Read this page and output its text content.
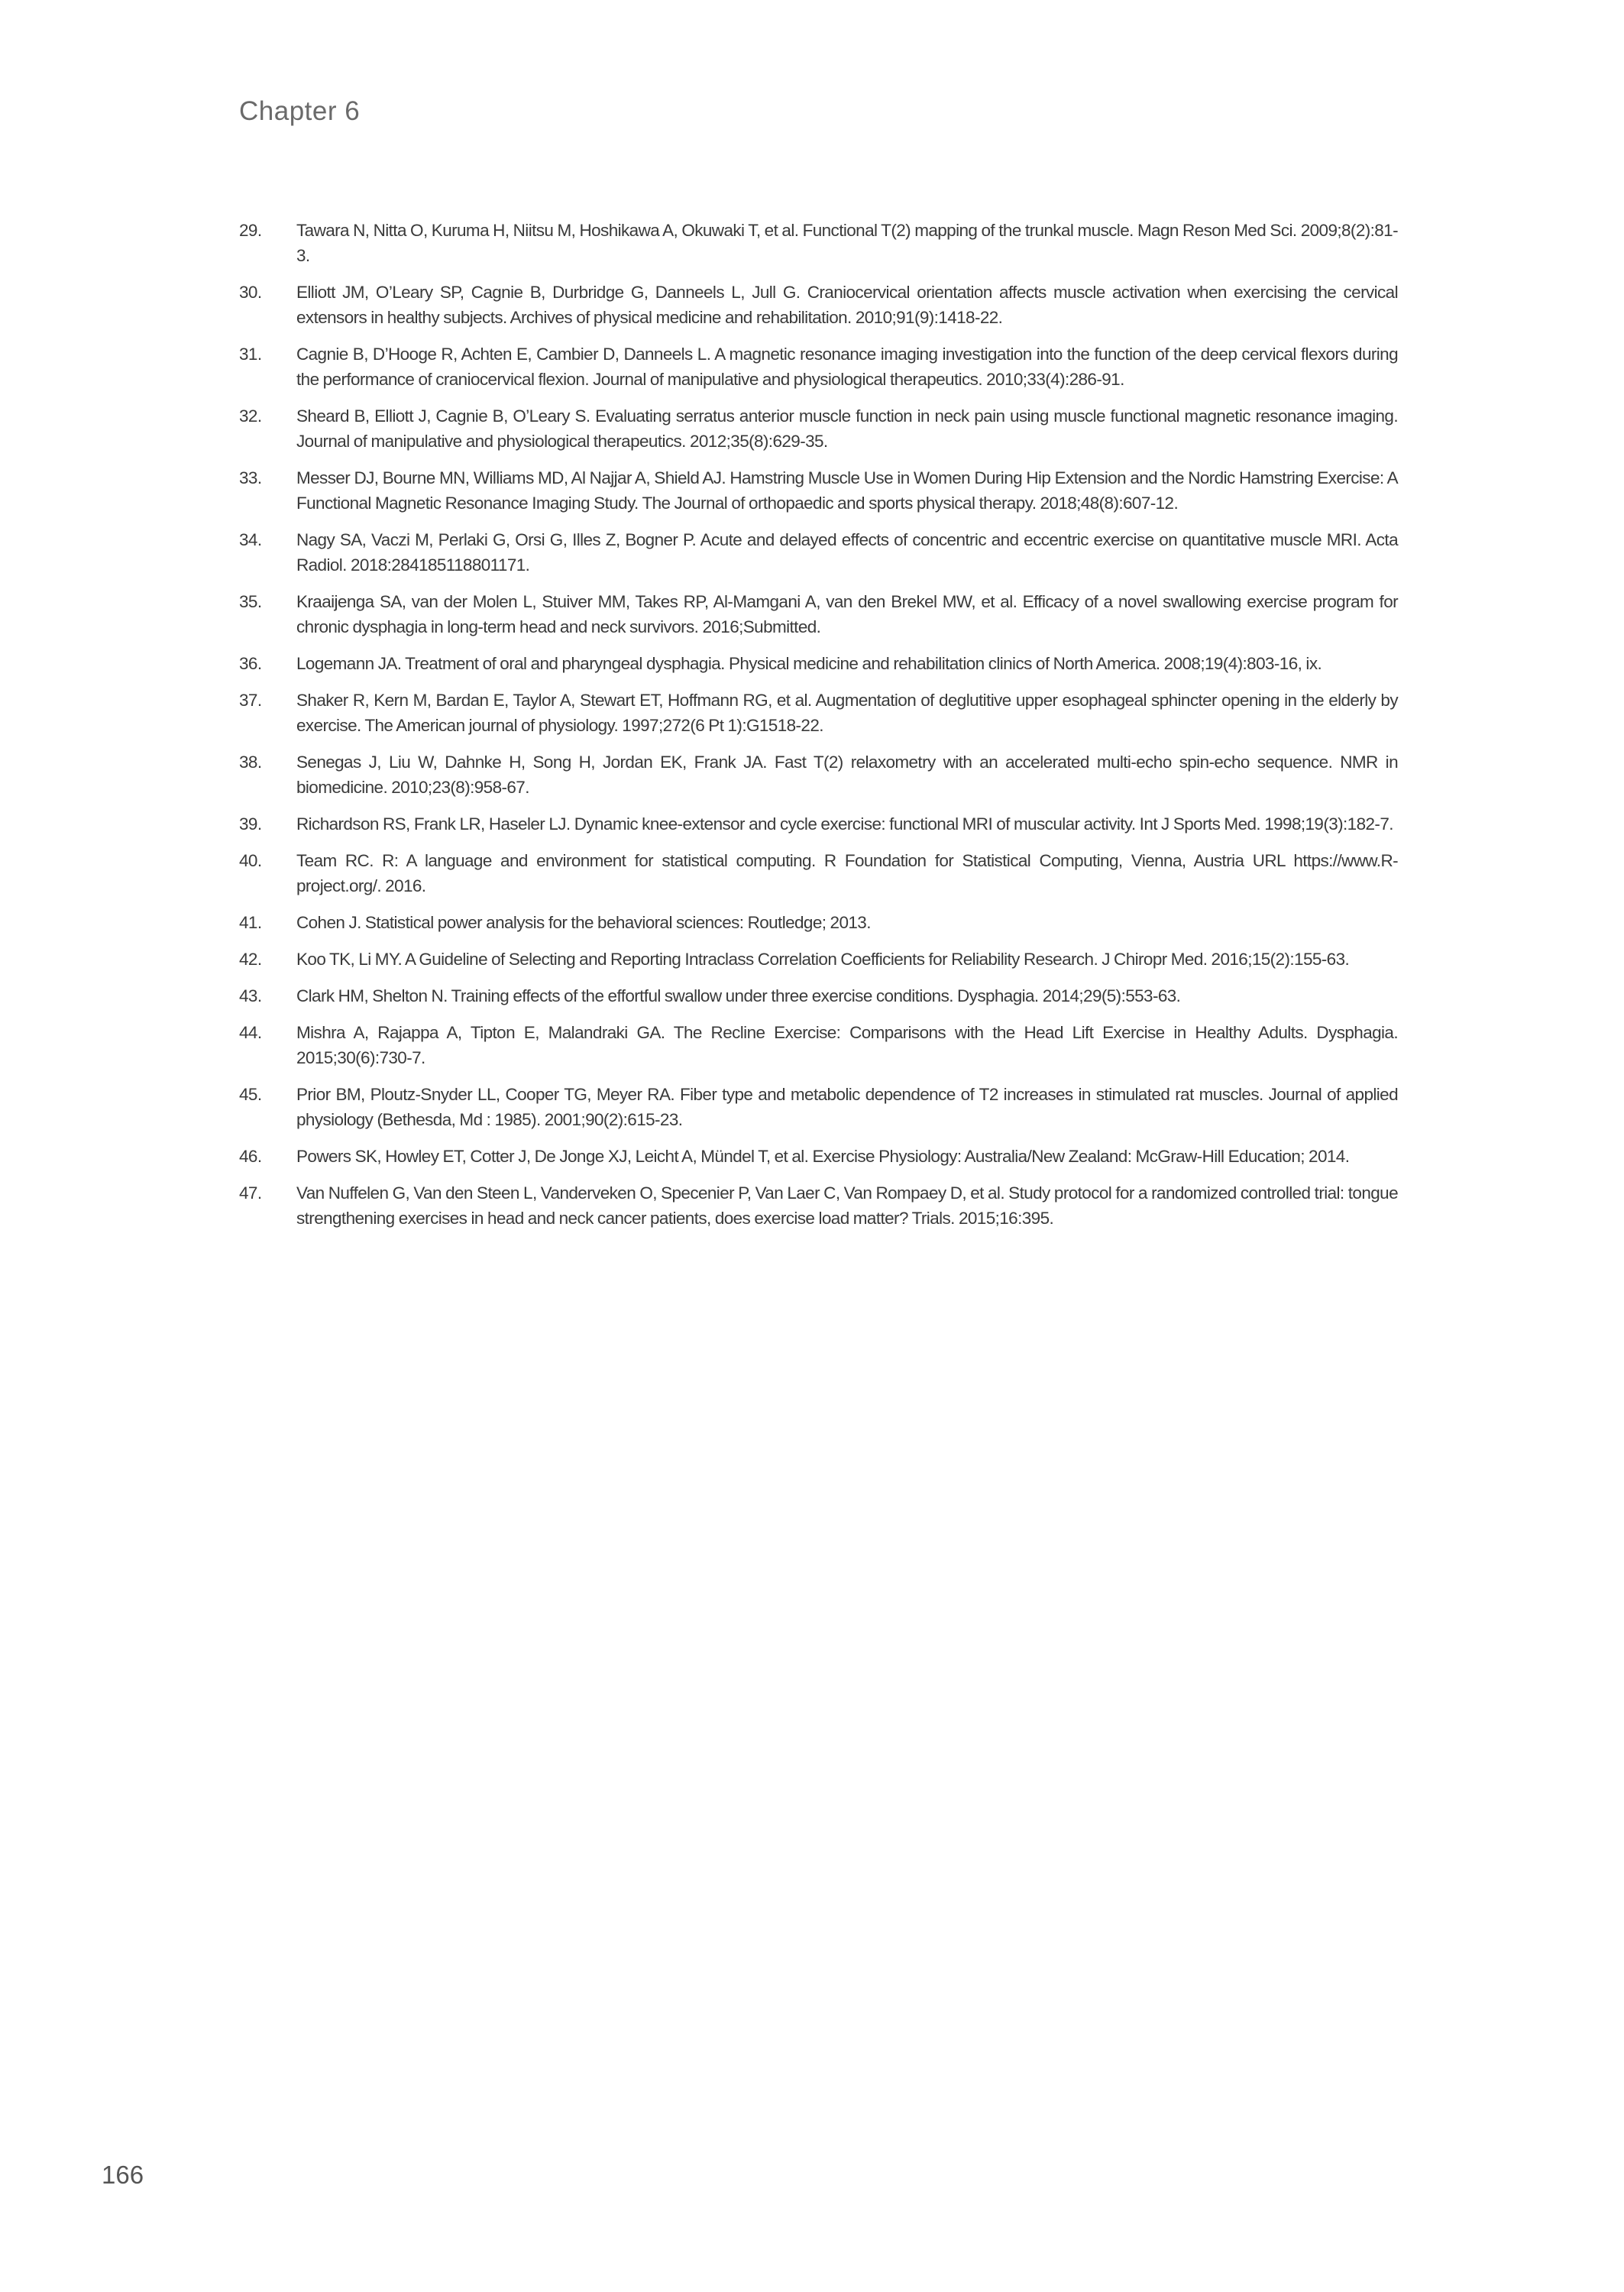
Chapter 6
29.	Tawara N, Nitta O, Kuruma H, Niitsu M, Hoshikawa A, Okuwaki T, et al. Functional T(2) mapping of the trunkal muscle. Magn Reson Med Sci. 2009;8(2):81-3.
30.	Elliott JM, O’Leary SP, Cagnie B, Durbridge G, Danneels L, Jull G. Craniocervical orientation affects muscle activation when exercising the cervical extensors in healthy subjects. Archives of physical medicine and rehabilitation. 2010;91(9):1418-22.
31.	Cagnie B, D’Hooge R, Achten E, Cambier D, Danneels L. A magnetic resonance imaging investigation into the function of the deep cervical flexors during the performance of craniocervical flexion. Journal of manipulative and physiological therapeutics. 2010;33(4):286-91.
32.	Sheard B, Elliott J, Cagnie B, O’Leary S. Evaluating serratus anterior muscle function in neck pain using muscle functional magnetic resonance imaging. Journal of manipulative and physiological therapeutics. 2012;35(8):629-35.
33.	Messer DJ, Bourne MN, Williams MD, Al Najjar A, Shield AJ. Hamstring Muscle Use in Women During Hip Extension and the Nordic Hamstring Exercise: A Functional Magnetic Resonance Imaging Study. The Journal of orthopaedic and sports physical therapy. 2018;48(8):607-12.
34.	Nagy SA, Vaczi M, Perlaki G, Orsi G, Illes Z, Bogner P. Acute and delayed effects of concentric and eccentric exercise on quantitative muscle MRI. Acta Radiol. 2018:284185118801171.
35.	Kraaijenga SA, van der Molen L, Stuiver MM, Takes RP, Al-Mamgani A, van den Brekel MW, et al. Efficacy of a novel swallowing exercise program for chronic dysphagia in long-term head and neck survivors. 2016;Submitted.
36.	Logemann JA. Treatment of oral and pharyngeal dysphagia. Physical medicine and rehabilitation clinics of North America. 2008;19(4):803-16, ix.
37.	Shaker R, Kern M, Bardan E, Taylor A, Stewart ET, Hoffmann RG, et al. Augmentation of deglutitive upper esophageal sphincter opening in the elderly by exercise. The American journal of physiology. 1997;272(6 Pt 1):G1518-22.
38.	Senegas J, Liu W, Dahnke H, Song H, Jordan EK, Frank JA. Fast T(2) relaxometry with an accelerated multi-echo spin-echo sequence. NMR in biomedicine. 2010;23(8):958-67.
39.	Richardson RS, Frank LR, Haseler LJ. Dynamic knee-extensor and cycle exercise: functional MRI of muscular activity. Int J Sports Med. 1998;19(3):182-7.
40.	Team RC. R: A language and environment for statistical computing. R Foundation for Statistical Computing, Vienna, Austria URL https://www.R-project.org/. 2016.
41.	Cohen J. Statistical power analysis for the behavioral sciences: Routledge; 2013.
42.	Koo TK, Li MY. A Guideline of Selecting and Reporting Intraclass Correlation Coefficients for Reliability Research. J Chiropr Med. 2016;15(2):155-63.
43.	Clark HM, Shelton N. Training effects of the effortful swallow under three exercise conditions. Dysphagia. 2014;29(5):553-63.
44.	Mishra A, Rajappa A, Tipton E, Malandraki GA. The Recline Exercise: Comparisons with the Head Lift Exercise in Healthy Adults. Dysphagia. 2015;30(6):730-7.
45.	Prior BM, Ploutz-Snyder LL, Cooper TG, Meyer RA. Fiber type and metabolic dependence of T2 increases in stimulated rat muscles. Journal of applied physiology (Bethesda, Md : 1985). 2001;90(2):615-23.
46.	Powers SK, Howley ET, Cotter J, De Jonge XJ, Leicht A, Mündel T, et al. Exercise Physiology: Australia/New Zealand: McGraw-Hill Education; 2014.
47.	Van Nuffelen G, Van den Steen L, Vanderveken O, Specenier P, Van Laer C, Van Rompaey D, et al. Study protocol for a randomized controlled trial: tongue strengthening exercises in head and neck cancer patients, does exercise load matter? Trials. 2015;16:395.
166
